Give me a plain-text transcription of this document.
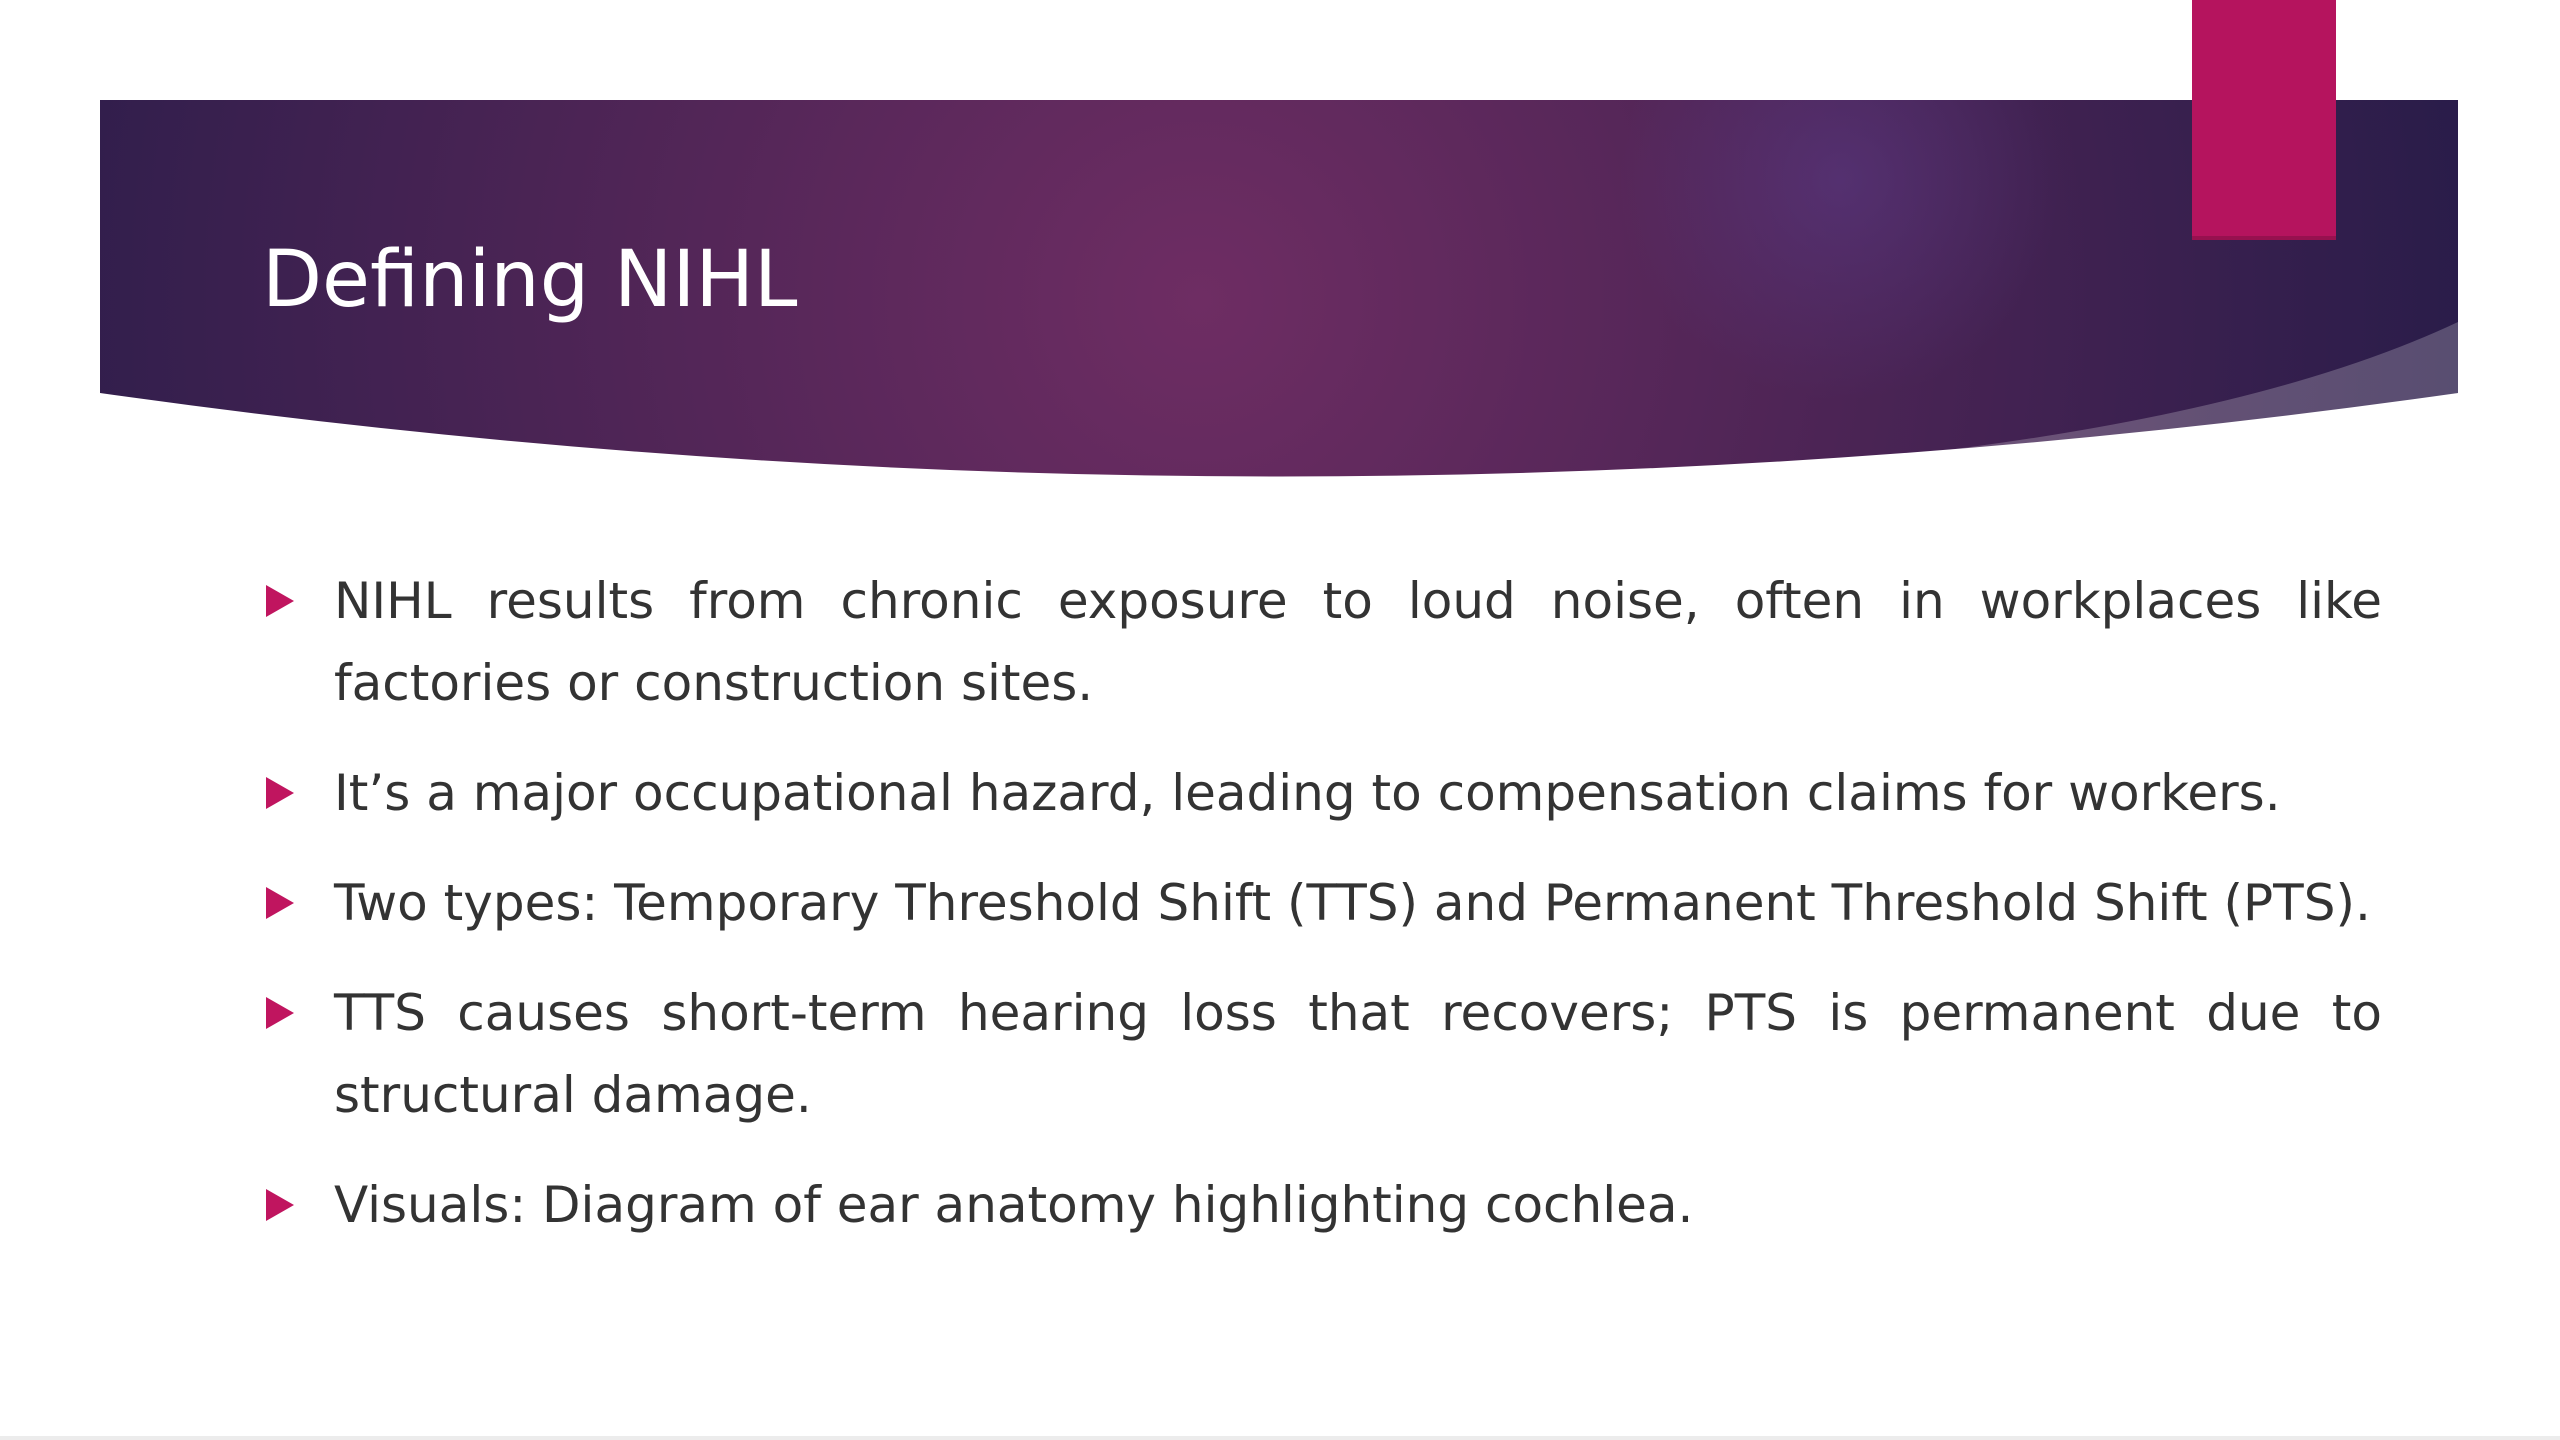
Defining NIHL
NIHL results from chronic exposure to loud noise, often in workplaces like factories or construction sites.
It’s a major occupational hazard, leading to compensation claims for workers.
Two types: Temporary Threshold Shift (TTS) and Permanent Threshold Shift (PTS).
TTS causes short-term hearing loss that recovers; PTS is permanent due to structural damage.
Visuals: Diagram of ear anatomy highlighting cochlea.
